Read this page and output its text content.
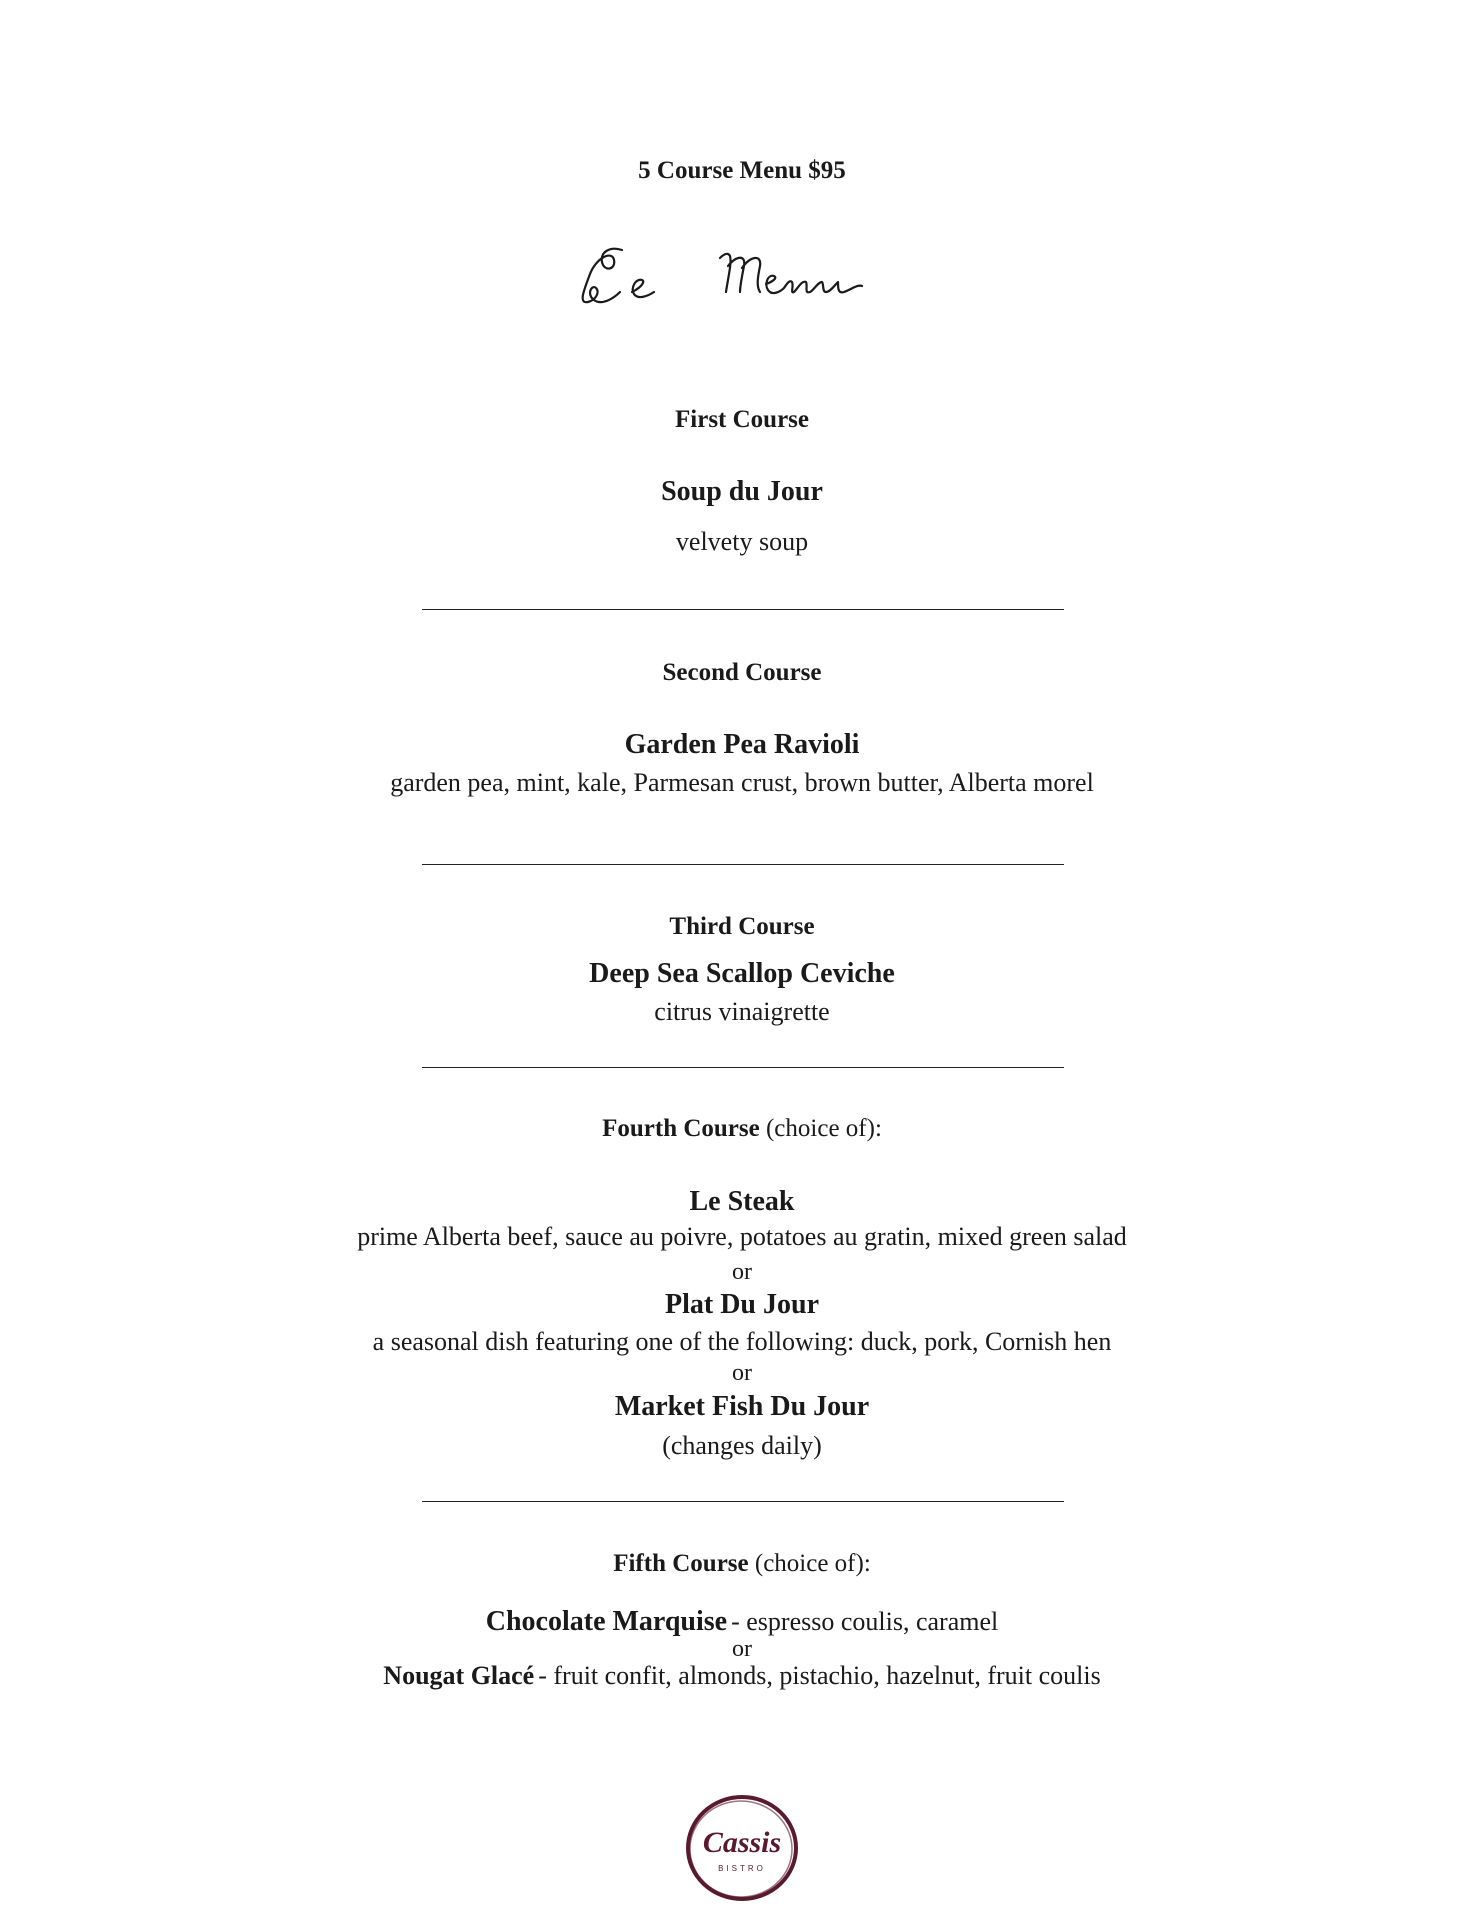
5 Course Menu $95
First Course
Soup du Jour
velvety soup
Second Course
Garden Pea Ravioli
garden pea, mint, kale, Parmesan crust, brown butter, Alberta morel
Third Course
Deep Sea Scallop Ceviche
citrus vinaigrette
Fourth Course (choice of):
Le Steak
prime Alberta beef, sauce au poivre, potatoes au gratin, mixed green salad
or
Plat Du Jour
a seasonal dish featuring one of the following: duck, pork, Cornish hen
or
Market Fish Du Jour
(changes daily)
Fifth Course (choice of):
Chocolate Marquise - espresso coulis, caramel
or
Nougat Glacé - fruit confit, almonds, pistachio, hazelnut, fruit coulis
Cassis
BISTRO
